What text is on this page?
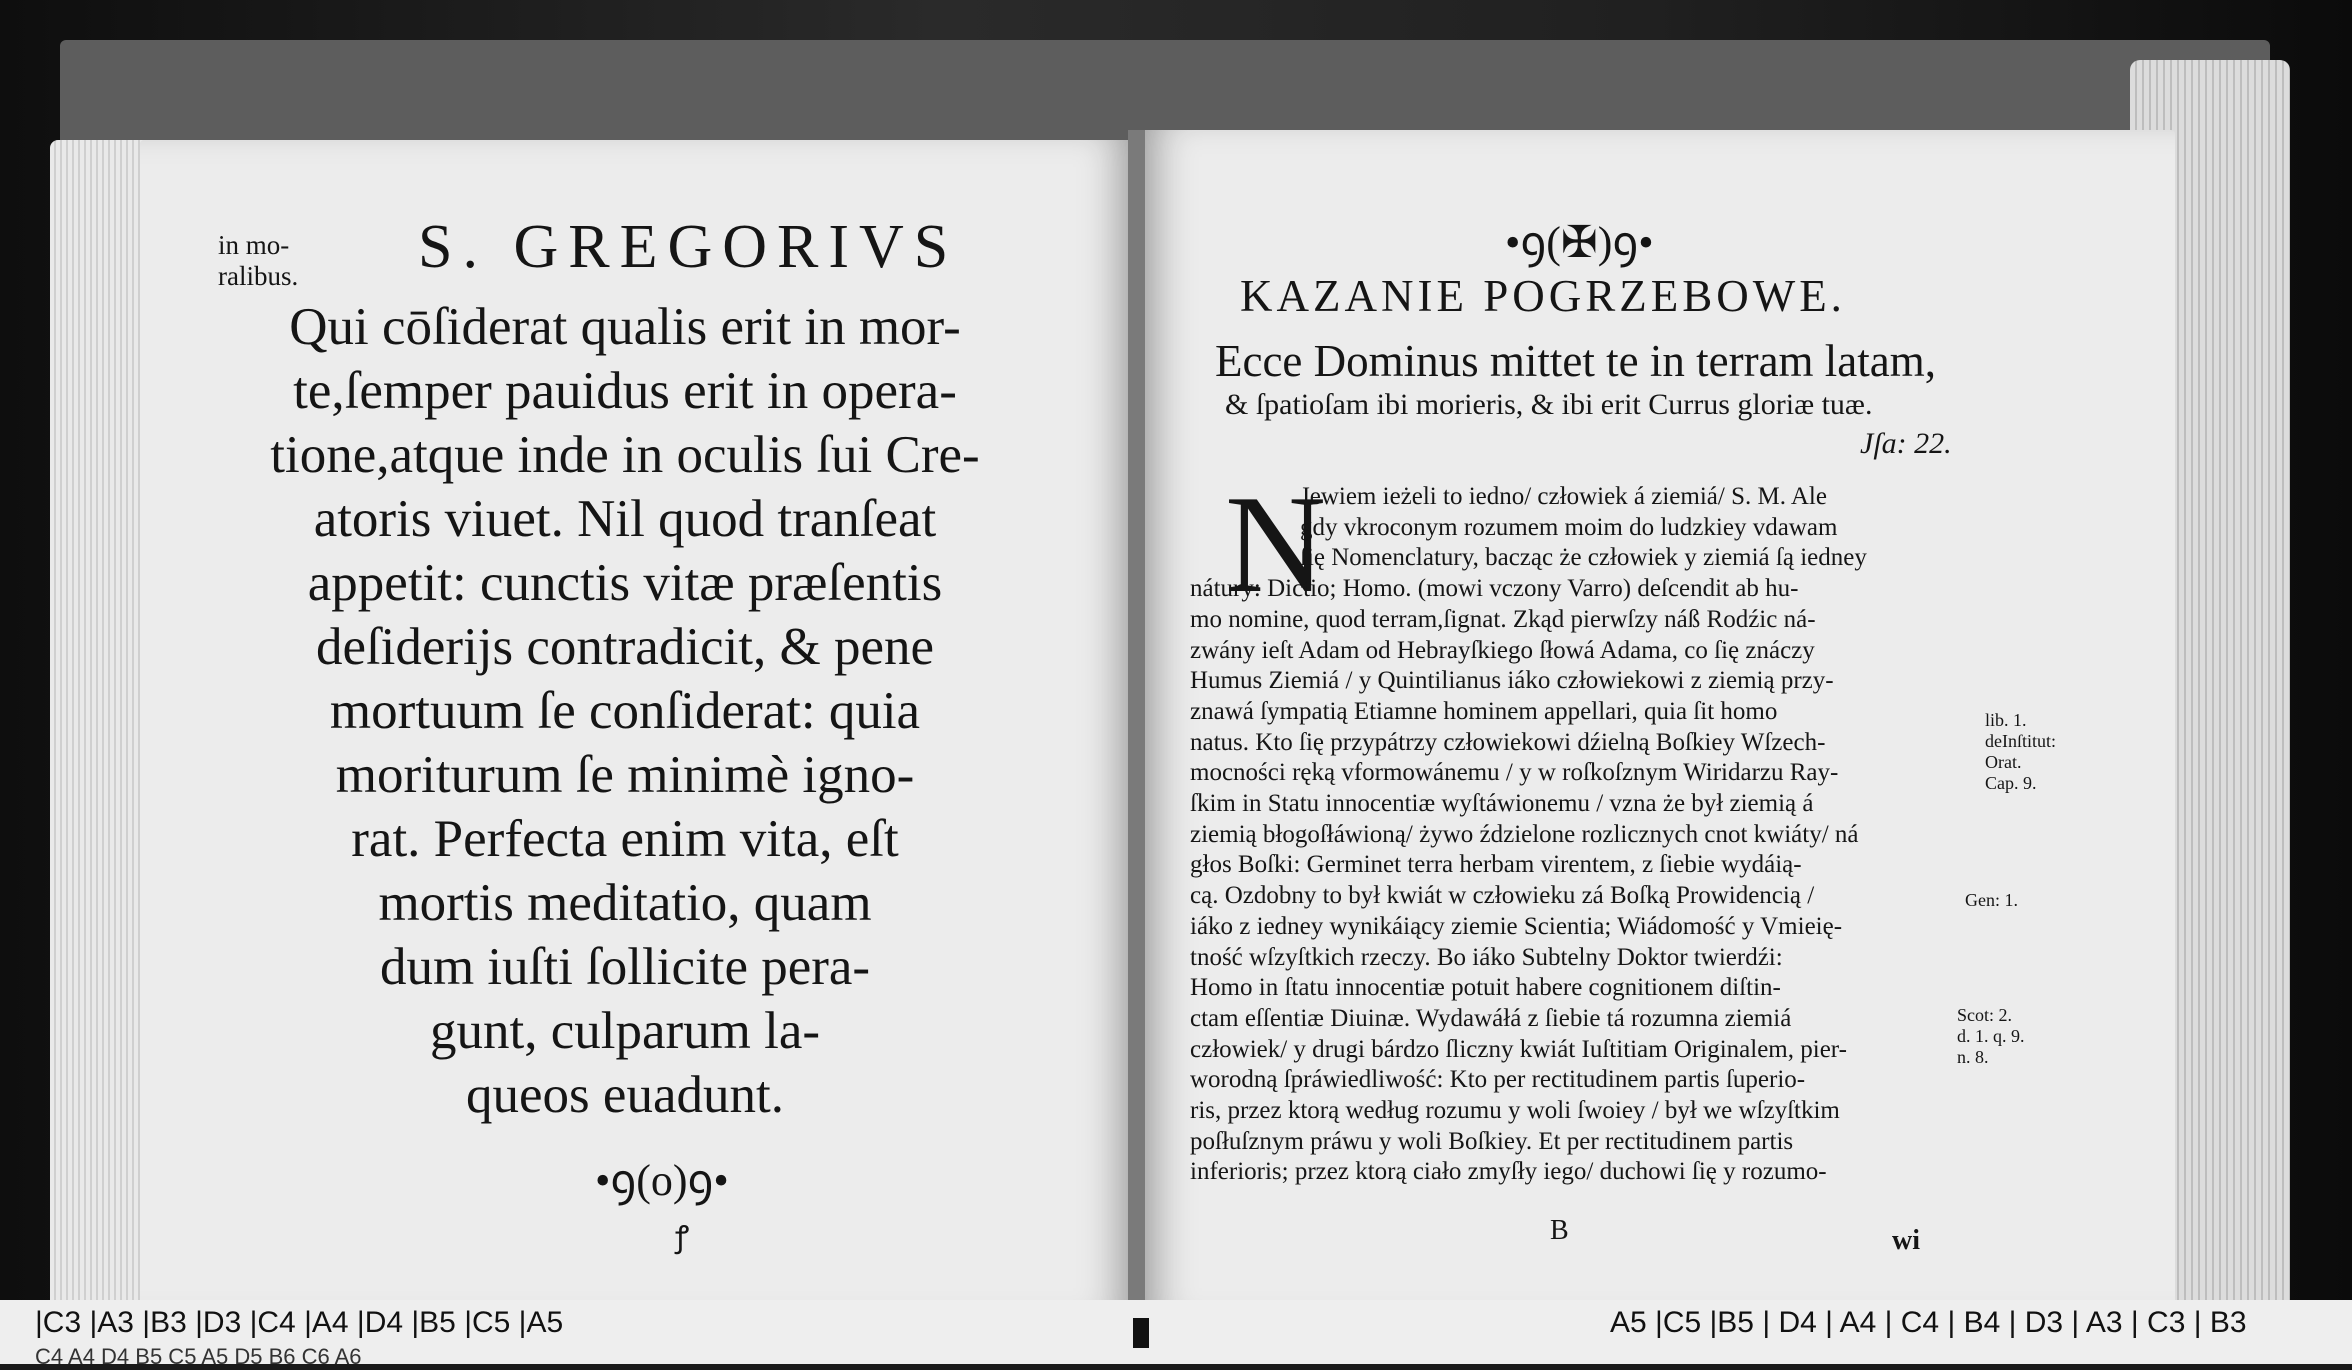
in mo-
ralibus.	S. GREGORIVS
Qui cōſiderat qualis erit in mor-
te,ſemper pauidus erit in opera-
tione,atque inde in oculis ſui Cre-
atoris viuet. Nil quod tranſeat
appetit: cunctis vitæ præſentis
deſiderijs contradicit, & pene
mortuum ſe conſiderat: quia
moriturum ſe minimè igno-
rat. Perfecta enim vita, eſt
mortis meditatio, quam
dum iuſti ſollicite pera-
gunt, culparum la-
queos euadunt.
•ꝯ(o)ꝯ•
ꝭ
•ꝯ(✠)ꝯ•
KAZANIE POGRZEBOWE.
Ecce Dominus mittet te in terram latam,
& ſpatioſam ibi morieris, & ibi erit Currus gloriæ tuæ.
Jſa: 22.
N
Jewiem ieżeli to iedno/ człowiek á ziemiá/ S. M. Ale
gdy vkroconym rozumem moim do ludzkiey vdawam
ſię Nomenclatury, bacząc że człowiek y ziemiá ſą iedney
nátury: Dictio; Homo. (mowi vczony Varro) deſcendit ab hu-
mo nomine, quod terram,ſignat. Zkąd pierwſzy náß Rodźic ná-
zwány ieſt Adam od Hebrayſkiego ſłowá Adama, co ſię znáczy
Humus Ziemiá / y Quintilianus iáko człowiekowi z ziemią przy-
znawá ſympatią Etiamne hominem appellari, quia ſit homo
natus. Kto ſię przypátrzy człowiekowi dźielną Boſkiey Wſzech-
mocności ręką vformowánemu / y w roſkoſznym Wiridarzu Ray-
ſkim in Statu innocentiæ wyſtáwionemu / vzna że był ziemią á
ziemią błogoſłáwioną/ żywo ździelone rozlicznych cnot kwiáty/ ná
głos Boſki: Germinet terra herbam virentem, z ſiebie wydáią-
cą. Ozdobny to był kwiát w człowieku zá Boſką Prowidencią /
iáko z iedney wynikáiący ziemie Scientia; Wiádomość y Vmieię-
tność wſzyſtkich rzeczy. Bo iáko Subtelny Doktor twierdźi:
Homo in ſtatu innocentiæ potuit habere cognitionem diſtin-
ctam eſſentiæ Diuinæ. Wydawáłá z ſiebie tá rozumna ziemiá
człowiek/ y drugi bárdzo ſliczny kwiát Iuſtitiam Originalem, pier-
worodną ſpráwiedliwość: Kto per rectitudinem partis ſuperio-
ris, przez ktorą według rozumu y woli ſwoiey / był we wſzyſtkim
poſłuſznym práwu y woli Boſkiey. Et per rectitudinem partis
inferioris; przez ktorą ciało zmyſły iego/ duchowi ſię y rozumo-
lib. 1.
deInſtitut:
Orat.
Cap. 9.
Gen: 1.
Scot: 2.
d. 1. q. 9.
n. 8.
B	wi
|C3 |A3 |B3 |D3 |C4 |A4 |D4 |B5 |C5 |A5	A5 |C5 |B5 | D4 | A4 | C4 | B4 | D3 | A3 | C3 | B3
C4 A4 D4 B5 C5 A5 D5 B6 C6 A6
